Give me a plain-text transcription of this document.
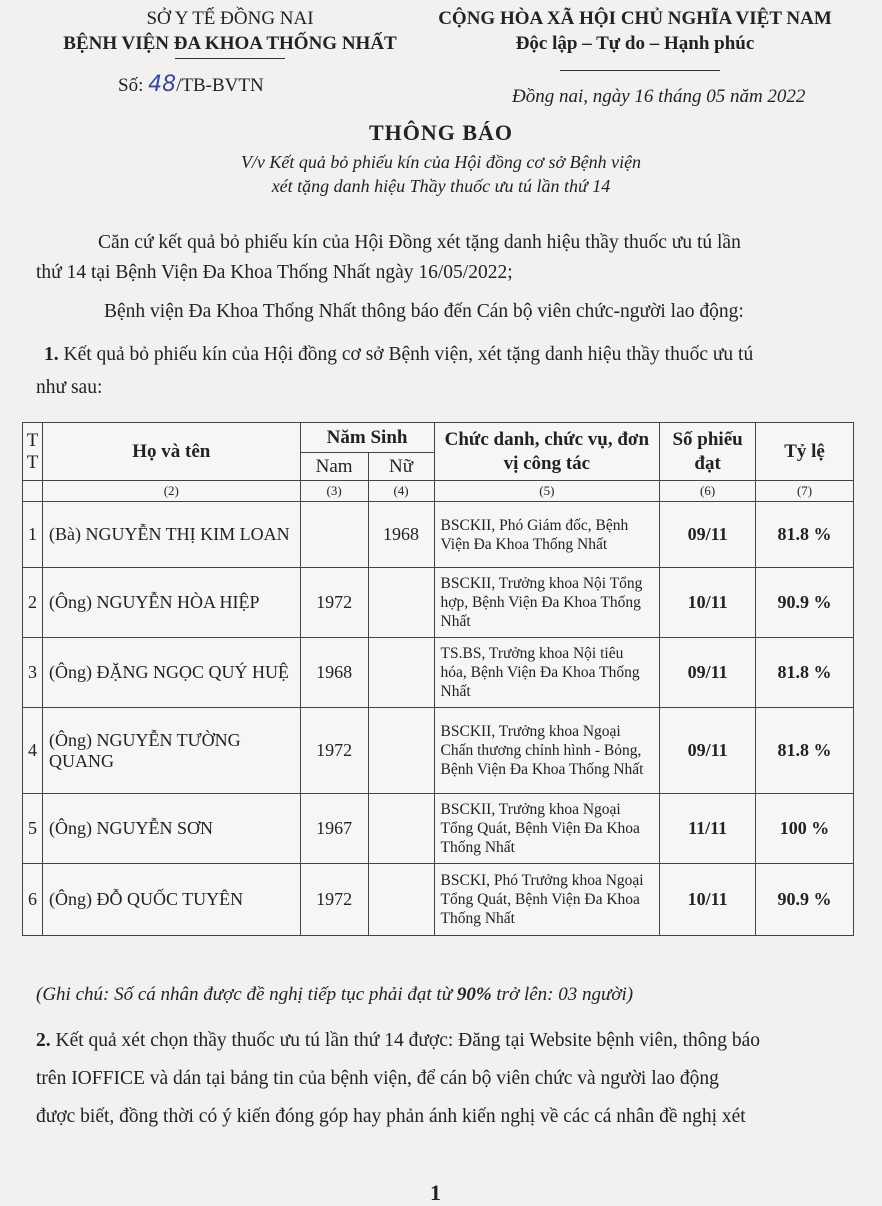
SỞ Y TẾ ĐỒNG NAI
BỆNH VIỆN ĐA KHOA THỐNG NHẤT
CỘNG HÒA XÃ HỘI CHỦ NGHĨA VIỆT NAM
Độc lập – Tự do – Hạnh phúc
Số: 48/TB-BVTN
Đồng nai, ngày 16 tháng 05 năm 2022
THÔNG BÁO
V/v Kết quả bỏ phiếu kín của Hội đồng cơ sở Bệnh viện
xét tặng danh hiệu Thầy thuốc ưu tú lần thứ 14
Căn cứ kết quả bỏ phiếu kín của Hội Đồng xét tặng danh hiệu thầy thuốc ưu tú lần
thứ 14 tại Bệnh Viện Đa Khoa Thống Nhất ngày 16/05/2022;
Bệnh viện Đa Khoa Thống Nhất thông báo đến Cán bộ viên chức-người lao động:
1. Kết quả bỏ phiếu kín của Hội đồng cơ sở Bệnh viện, xét tặng danh hiệu thầy thuốc ưu tú
như sau:
T T	Họ và tên	Năm Sinh		Chức danh, chức vụ, đơn vị công tác	Số phiếu đạt	Tỷ lệ
		Nam	Nữ			
	(2)	(3)	(4)	(5)	(6)	(7)
1	(Bà) NGUYỄN THỊ KIM LOAN		1968	BSCKII, Phó Giám đốc, Bệnh Viện Đa Khoa Thống Nhất	09/11	81.8 %
2	(Ông) NGUYỄN HÒA HIỆP	1972		BSCKII, Trưởng khoa Nội Tổng hợp, Bệnh Viện Đa Khoa Thống Nhất	10/11	90.9 %
3	(Ông) ĐẶNG NGỌC QUÝ HUỆ	1968		TS.BS, Trưởng khoa Nội tiêu hóa, Bệnh Viện Đa Khoa Thống Nhất	09/11	81.8 %
4	(Ông) NGUYỄN TƯỜNG QUANG	1972		BSCKII, Trưởng khoa Ngoại Chấn thương chỉnh hình - Bỏng, Bệnh Viện Đa Khoa Thống Nhất	09/11	81.8 %
5	(Ông) NGUYỄN SƠN	1967		BSCKII, Trưởng khoa Ngoại Tổng Quát, Bệnh Viện Đa Khoa Thống Nhất	11/11	100 %
6	(Ông) ĐỖ QUỐC TUYÊN	1972		BSCKI, Phó Trưởng khoa Ngoại Tổng Quát, Bệnh Viện Đa Khoa Thống Nhất	10/11	90.9 %
(Ghi chú: Số cá nhân được đề nghị tiếp tục phải đạt từ 90% trở lên: 03 người)
2. Kết quả xét chọn thầy thuốc ưu tú lần thứ 14 được: Đăng tại Website bệnh viên, thông báo
trên IOFFICE và dán tại bảng tin của bệnh viện, để cán bộ viên chức và người lao động
được biết, đồng thời có ý kiến đóng góp hay phản ánh kiến nghị về các cá nhân đề nghị xét
1
